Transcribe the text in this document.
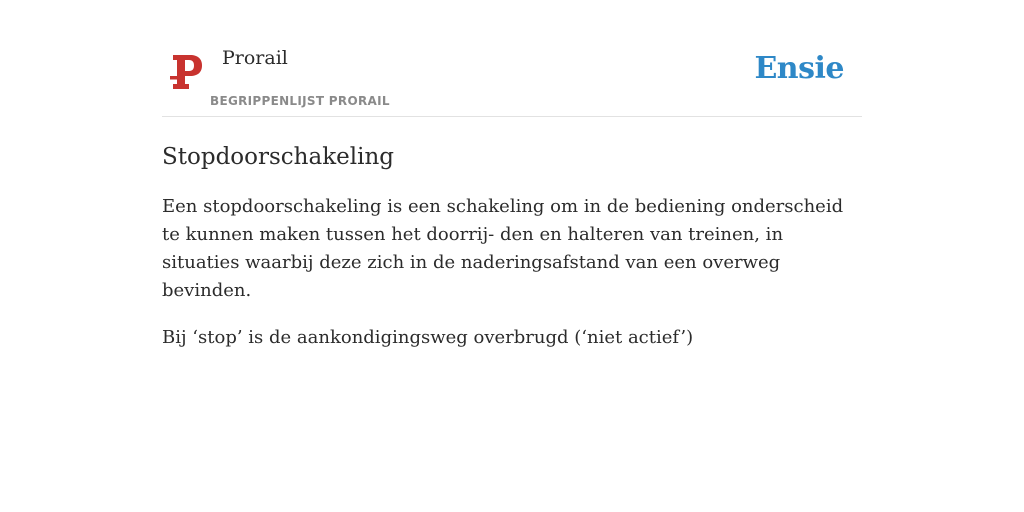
Prorail
BEGRIPPENLIJST PRORAIL
Ensie
Stopdoorschakeling

Een stopdoorschakeling is een schakeling om in de bediening onderscheid te kunnen maken tussen het doorrij- den en halteren van treinen, in situaties waarbij deze zich in de naderingsafstand van een overweg bevinden.

Bij ‘stop’ is de aankondigingsweg overbrugd (‘niet actief’)
